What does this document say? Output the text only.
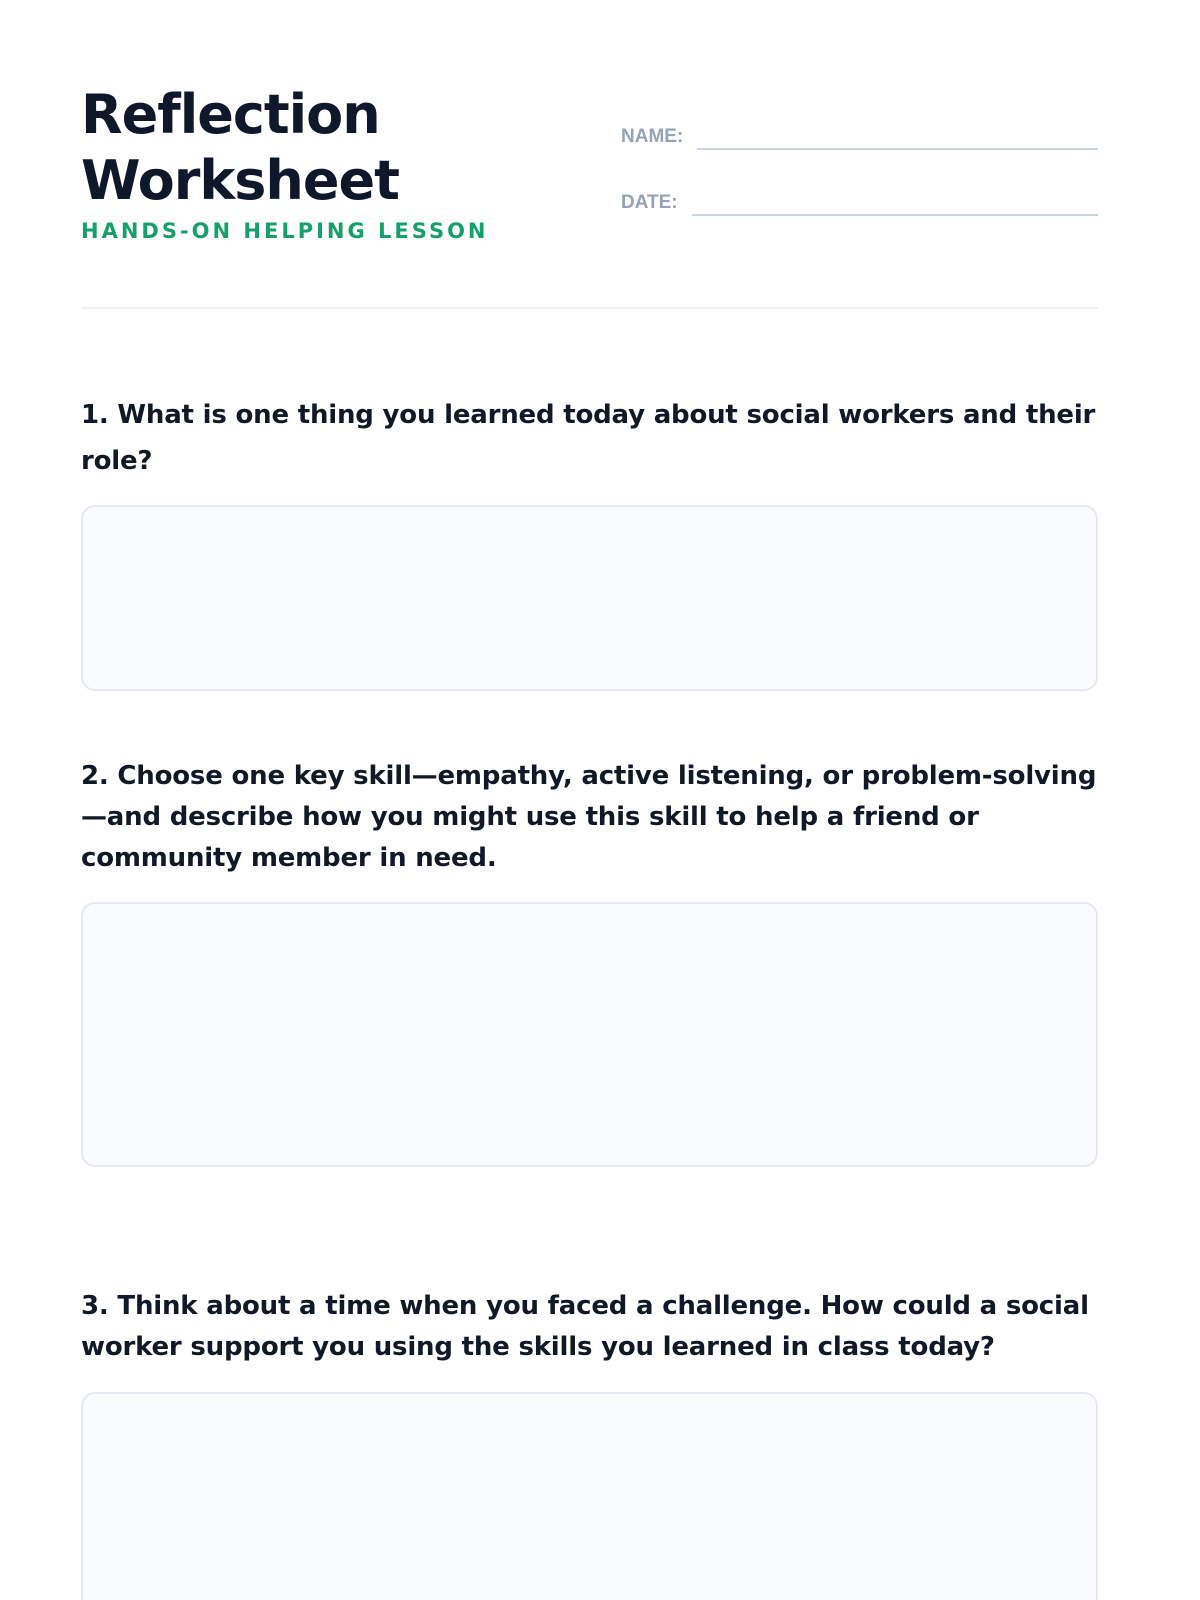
Reflection Worksheet
HANDS-ON HELPING LESSON
NAME:
DATE:

1. What is one thing you learned today about social workers and their role?

2. Choose one key skill—empathy, active listening, or problem-solving—and describe how you might use this skill to help a friend or community member in need.

3. Think about a time when you faced a challenge. How could a social worker support you using the skills you learned in class today?
